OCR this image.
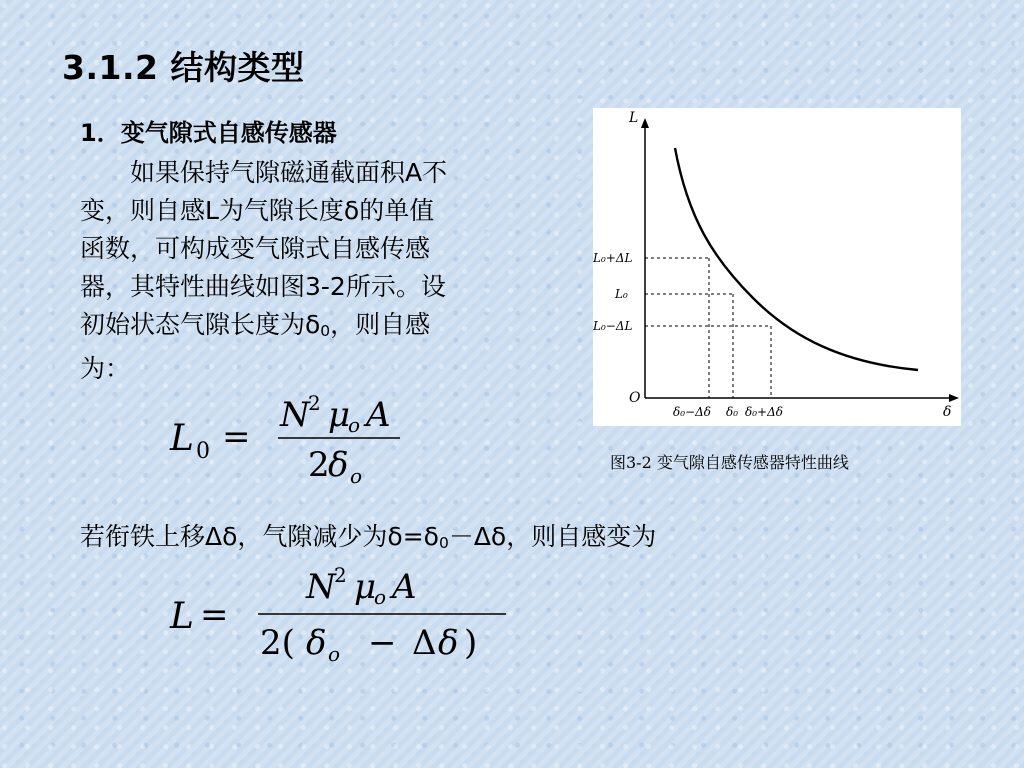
3.1.2 结构类型
1．变气隙式自感传感器
　　如果保持气隙磁通截面积A不
变，则自感L为气隙长度δ的单值
函数，可构成变气隙式自感传感
器，其特性曲线如图3-2所示。设
初始状态气隙长度为$\delta_0$，则自感
为：
L 0 =
N
2 μ
o A
2
δ o
L
δ
O
L₀+ΔL
L₀
L₀−ΔL
δ₀−Δδ δ₀ δ₀+Δδ
图3-2 变气隙自感传感器特性曲线
若衔铁上移Δδ，气隙减少为$\delta=\delta_0-\Delta\delta$，则自感变为
L =
N
2 μ
o A
2( δ o − Δ δ )
